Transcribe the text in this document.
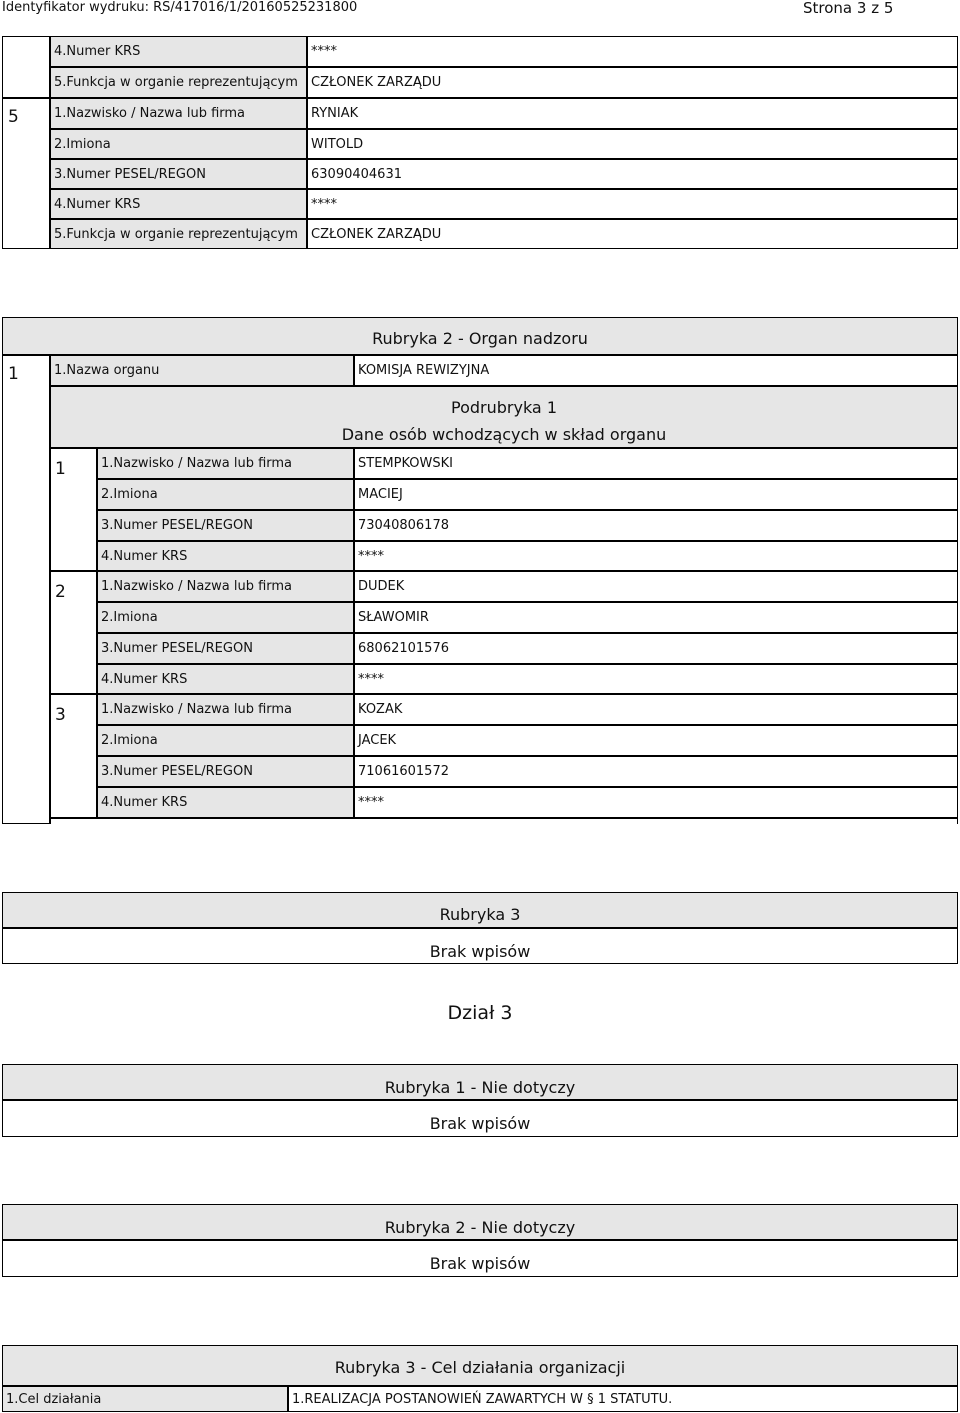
Identyfikator wydruku: RS/417016/1/20160525231800	Strona 3 z 5
4.Numer KRS	****
5.Funkcja w organie reprezentującym	CZŁONEK ZARZĄDU
5	1.Nazwisko / Nazwa lub firma	RYNIAK
2.Imiona	WITOLD
3.Numer PESEL/REGON	63090404631
4.Numer KRS	****
5.Funkcja w organie reprezentującym	CZŁONEK ZARZĄDU
Rubryka 2 - Organ nadzoru
1	1.Nazwa organu	KOMISJA REWIZYJNA
Podrubryka 1
Dane osób wchodzących w skład organu
1	1.Nazwisko / Nazwa lub firma	STEMPKOWSKI
2.Imiona	MACIEJ
3.Numer PESEL/REGON	73040806178
4.Numer KRS	****
2	1.Nazwisko / Nazwa lub firma	DUDEK
2.Imiona	SŁAWOMIR
3.Numer PESEL/REGON	68062101576
4.Numer KRS	****
3	1.Nazwisko / Nazwa lub firma	KOZAK
2.Imiona	JACEK
3.Numer PESEL/REGON	71061601572
4.Numer KRS	****
Rubryka 3
Brak wpisów
Dział 3
Rubryka 1 - Nie dotyczy
Brak wpisów
Rubryka 2 - Nie dotyczy
Brak wpisów
Rubryka 3 - Cel działania organizacji
1.Cel działania	1.REALIZACJA POSTANOWIEŃ ZAWARTYCH W § 1 STATUTU.
